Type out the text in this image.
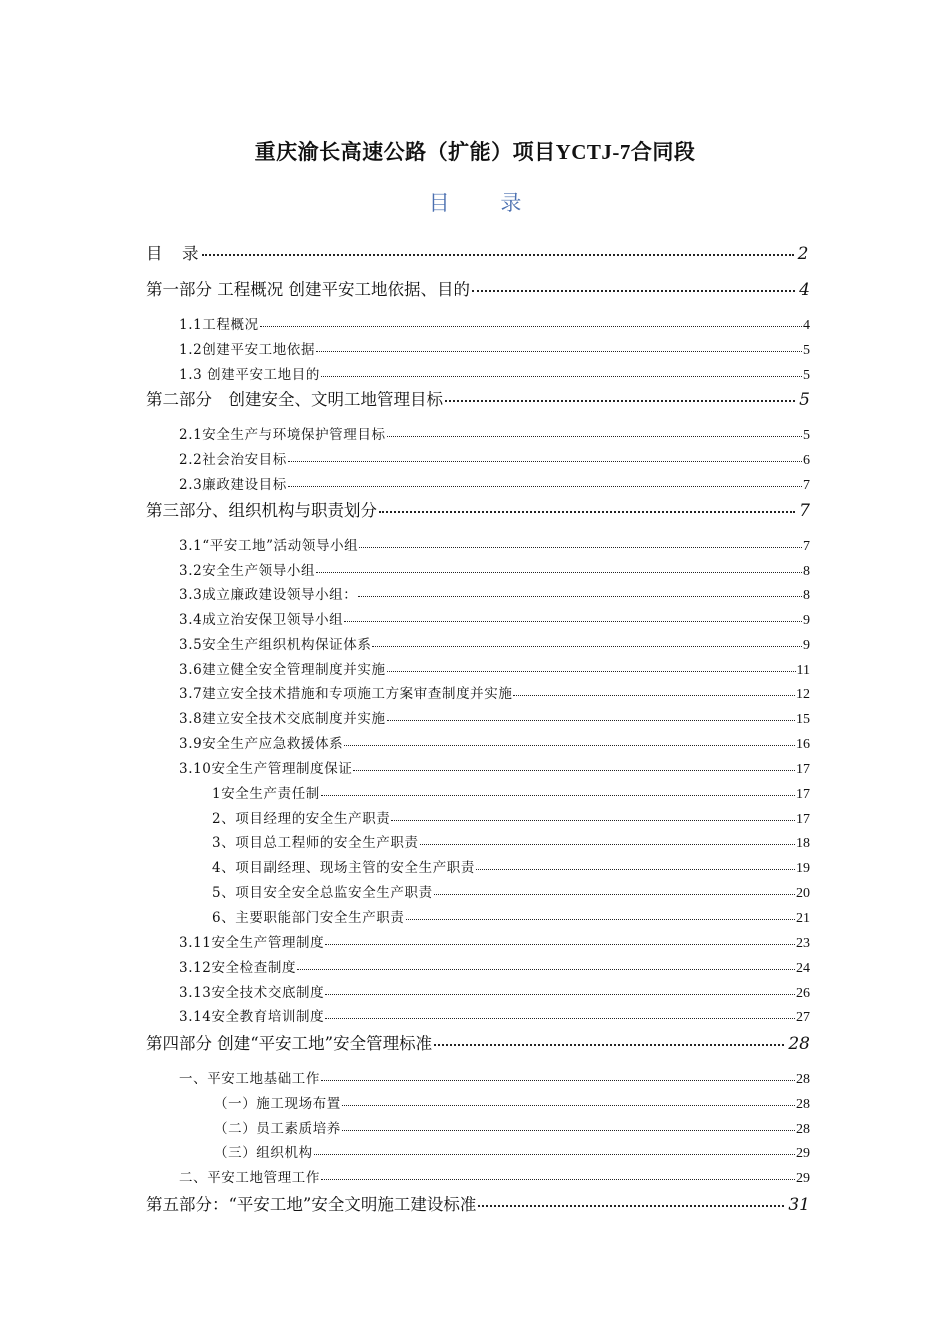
重庆渝长高速公路（扩能）项目YCTJ-7合同段
目 录
目　录	2
第一部分 工程概况 创建平安工地依据、目的	4
1.1工程概况	4
1.2创建平安工地依据	5
1.3 创建平安工地目的	5
第二部分　创建安全、文明工地管理目标	5
2.1安全生产与环境保护管理目标	5
2.2社会治安目标	6
2.3廉政建设目标	7
第三部分、组织机构与职责划分	7
3.1“平安工地”活动领导小组	7
3.2安全生产领导小组	8
3.3成立廉政建设领导小组：	8
3.4成立治安保卫领导小组	9
3.5安全生产组织机构保证体系	9
3.6建立健全安全管理制度并实施	11
3.7建立安全技术措施和专项施工方案审查制度并实施	12
3.8建立安全技术交底制度并实施	15
3.9安全生产应急救援体系	16
3.10安全生产管理制度保证	17
1安全生产责任制	17
2、项目经理的安全生产职责	17
3、项目总工程师的安全生产职责	18
4、项目副经理、现场主管的安全生产职责	19
5、项目安全安全总监安全生产职责	20
6、主要职能部门安全生产职责	21
3.11安全生产管理制度	23
3.12安全检查制度	24
3.13安全技术交底制度	26
3.14安全教育培训制度	27
第四部分 创建“平安工地”安全管理标准	28
一、平安工地基础工作	28
（一）施工现场布置	28
（二）员工素质培养	28
（三）组织机构	29
二、平安工地管理工作	29
第五部分：“平安工地”安全文明施工建设标准	31
